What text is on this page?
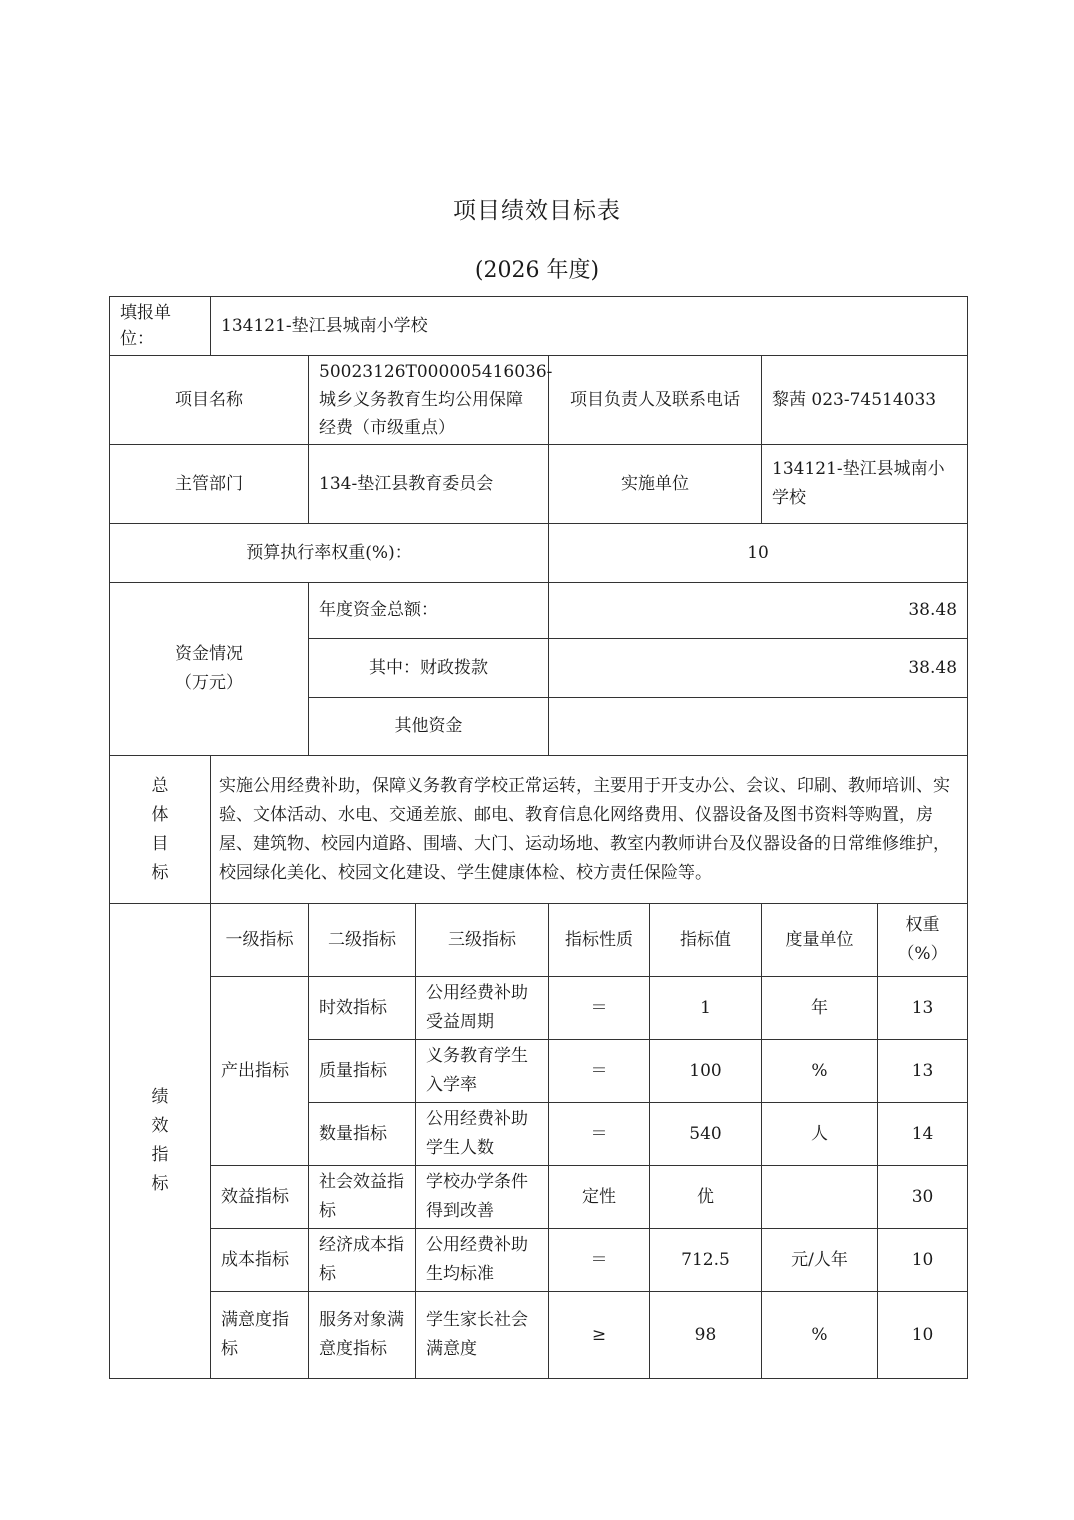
项目绩效目标表
(2026 年度)
填报单位：	134121-垫江县城南小学校						
项目名称		50023126T000005416036-城乡义务教育生均公用保障经费（市级重点）		项目负责人及联系电话		黎茜 023-74514033	
主管部门		134-垫江县教育委员会		实施单位		134121-垫江县城南小学校	
预算执行率权重(%)：				10			

资金情况
（万元）		年度资金总额：		38.48			
		其中：财政拨款		38.48			
		其他资金					

总
体
目
标	实施公用经费补助，保障义务教育学校正常运转，主要用于开支办公、会议、印刷、教师培训、实验、文体活动、水电、交通差旅、邮电、教育信息化网络费用、仪器设备及图书资料等购置，房屋、建筑物、校园内道路、围墙、大门、运动场地、教室内教师讲台及仪器设备的日常维修维护，校园绿化美化、校园文化建设、学生健康体检、校方责任保险等。						

绩
效
指
标	一级指标	二级指标	三级指标	指标性质	指标值	度量单位	权重（%）
	产出指标	时效指标	公用经费补助受益周期	＝	1	年	13
		质量指标	义务教育学生入学率	＝	100	%	13
		数量指标	公用经费补助学生人数	＝	540	人	14
	效益指标	社会效益指标	学校办学条件得到改善	定性	优		30
	成本指标	经济成本指标	公用经费补助生均标准	＝	712.5	元/人年	10
	满意度指标	服务对象满意度指标	学生家长社会满意度	≥	98	%	10
